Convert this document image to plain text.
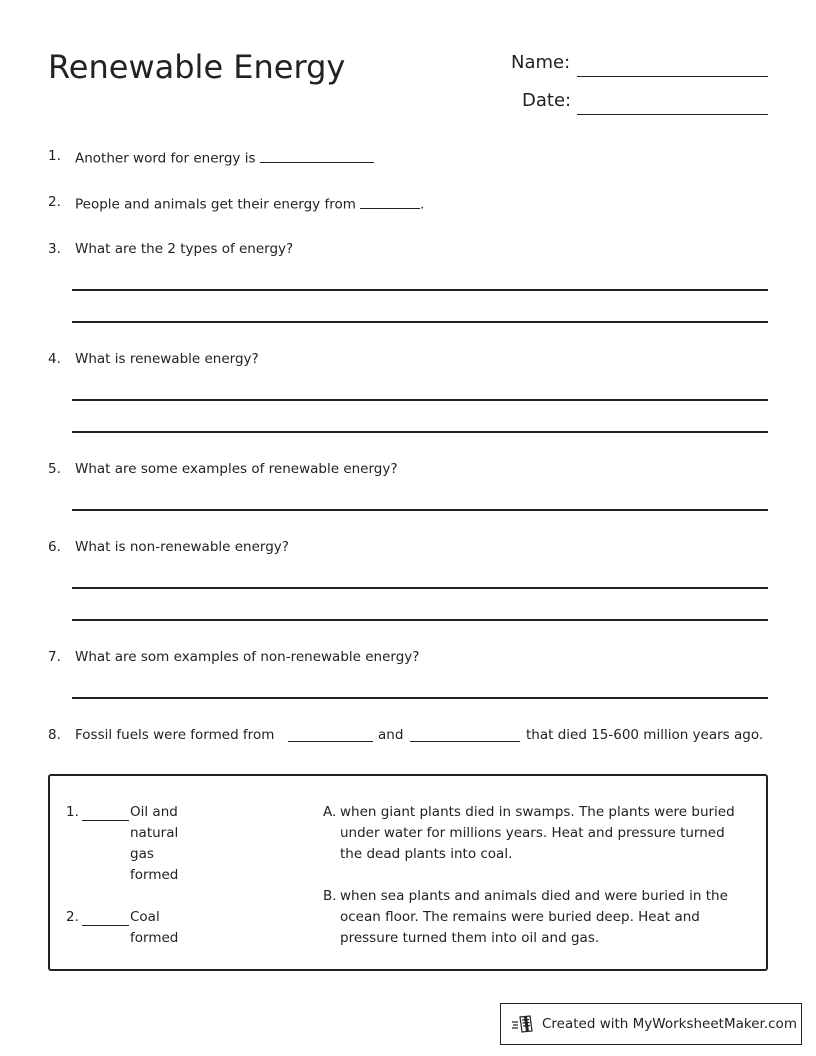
Renewable Energy	Name:
Date:
1. Another word for energy is
2. People and animals get their energy from	.
3. What are the 2 types of energy?
4. What is renewable energy?
5. What are some examples of renewable energy?
6. What is non-renewable energy?
7. What are som examples of non-renewable energy?
8. Fossil fuels were formed from	and	that died 15-600 million years ago.
1.	Oil and
natural
gas
formed
2.	Coal
formed
A. when giant plants died in swamps. The plants were buried
under water for millions years. Heat and pressure turned
the dead plants into coal.
B. when sea plants and animals died and were buried in the
ocean floor. The remains were buried deep. Heat and
pressure turned them into oil and gas.
Created with MyWorksheetMaker.com
